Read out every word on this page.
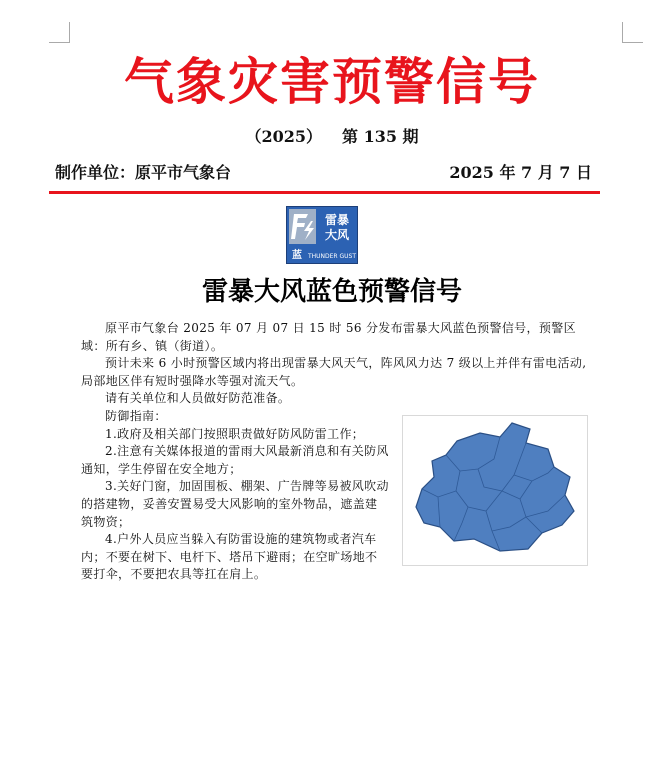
气象灾害预警信号
（2025） 第 135 期
制作单位：原平市气象台	2025 年 7 月 7 日
雷暴
大风
蓝 THUNDER GUST
雷暴大风蓝色预警信号

原平市气象台 2025 年 07 月 07 日 15 时 56 分发布雷暴大风蓝色预警信号，预警区域：所有乡、镇（街道）。

预计未来 6 小时预警区域内将出现雷暴大风天气，阵风风力达 7 级以上并伴有雷电活动,局部地区伴有短时强降水等强对流天气。

请有关单位和人员做好防范准备。

防御指南：

1.政府及相关部门按照职责做好防风防雷工作；

2.注意有关媒体报道的雷雨大风最新消息和有关防风通知，学生停留在安全地方；

3.关好门窗，加固围板、棚架、广告牌等易被风吹动的搭建物，妥善安置易受大风影响的室外物品，遮盖建筑物资；

4.户外人员应当躲入有防雷设施的建筑物或者汽车内；不要在树下、电杆下、塔吊下避雨；在空旷场地不要打伞，不要把农具等扛在肩上。
